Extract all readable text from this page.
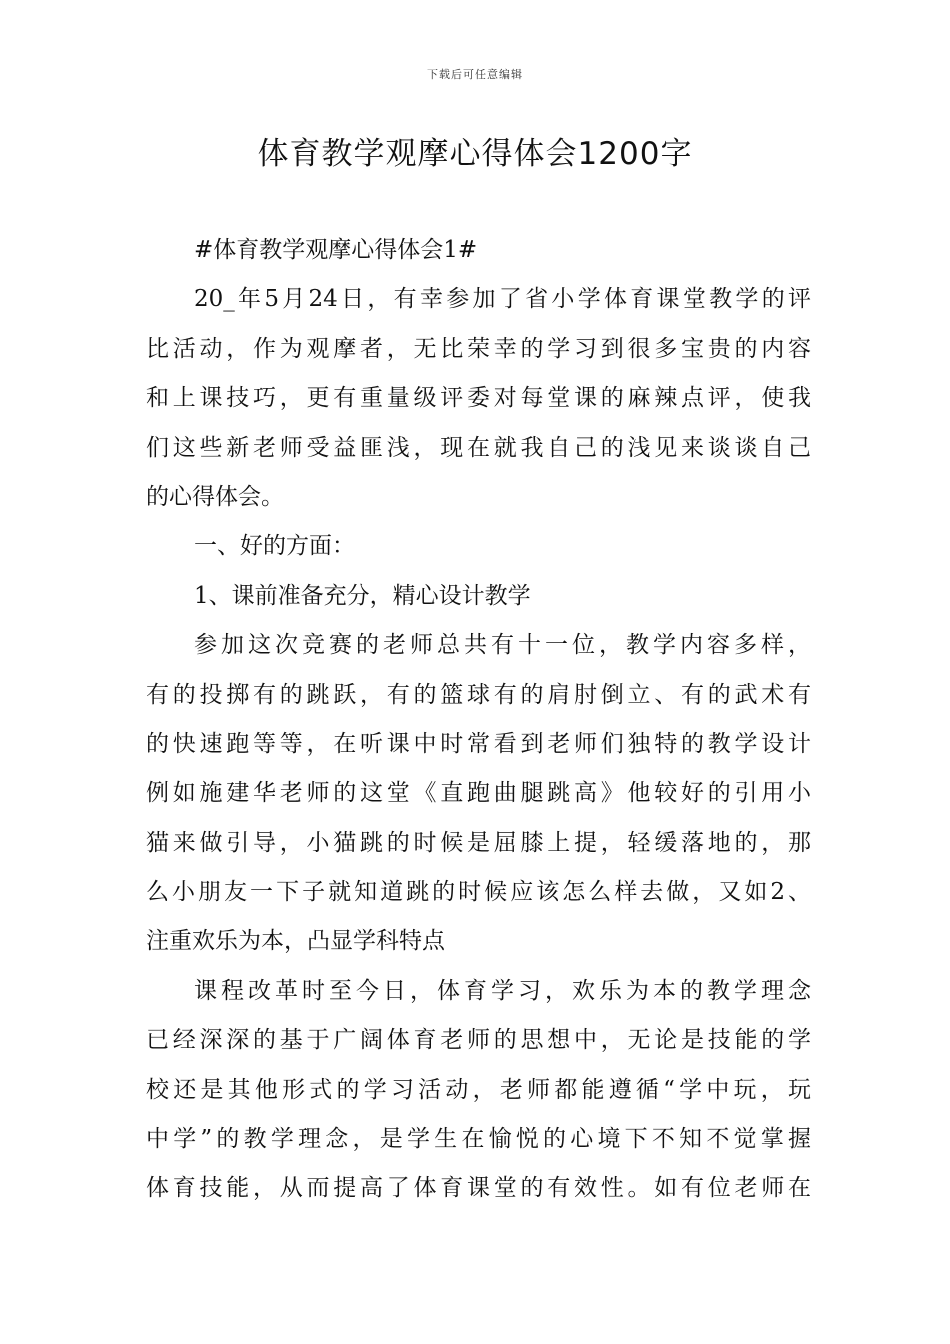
下载后可任意编辑
体育教学观摩心得体会1200字
#体育教学观摩心得体会1#
20_年5月24日，有幸参加了省小学体育课堂教学的评
比活动，作为观摩者，无比荣幸的学习到很多宝贵的内容
和上课技巧，更有重量级评委对每堂课的麻辣点评，使我
们这些新老师受益匪浅，现在就我自己的浅见来谈谈自己
的心得体会。
一、好的方面：
1、课前准备充分，精心设计教学
参加这次竞赛的老师总共有十一位，教学内容多样，
有的投掷有的跳跃，有的篮球有的肩肘倒立、有的武术有
的快速跑等等，在听课中时常看到老师们独特的教学设计
例如施建华老师的这堂《直跑曲腿跳高》他较好的引用小
猫来做引导，小猫跳的时候是屈膝上提，轻缓落地的，那
么小朋友一下子就知道跳的时候应该怎么样去做，又如2、
注重欢乐为本，凸显学科特点
课程改革时至今日，体育学习，欢乐为本的教学理念
已经深深的基于广阔体育老师的思想中，无论是技能的学
校还是其他形式的学习活动，老师都能遵循“学中玩，玩
中学”的教学理念，是学生在愉悦的心境下不知不觉掌握
体育技能，从而提高了体育课堂的有效性。如有位老师在
